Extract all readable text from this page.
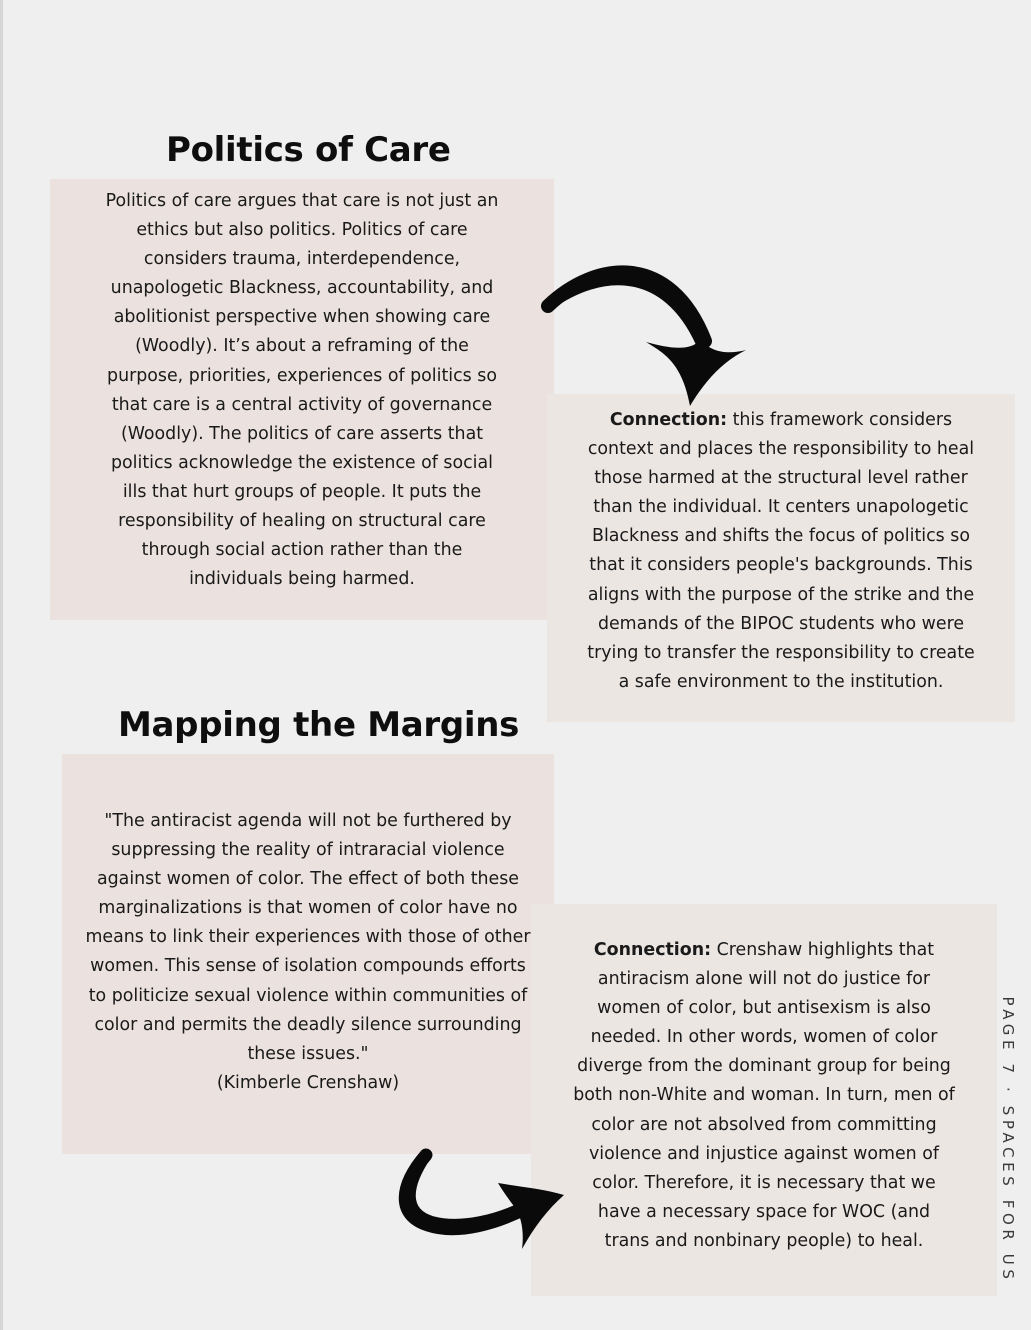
Politics of Care
Politics of care argues that care is not just an
ethics but also politics. Politics of care
considers trauma, interdependence,
unapologetic Blackness, accountability, and
abolitionist perspective when showing care
(Woodly). It’s about a reframing of the
purpose, priorities, experiences of politics so
that care is a central activity of governance
(Woodly). The politics of care asserts that
politics acknowledge the existence of social
ills that hurt groups of people. It puts the
responsibility of healing on structural care
through social action rather than the
individuals being harmed.
Connection: this framework considers
context and places the responsibility to heal
those harmed at the structural level rather
than the individual. It centers unapologetic
Blackness and shifts the focus of politics so
that it considers people's backgrounds. This
aligns with the purpose of the strike and the
demands of the BIPOC students who were
trying to transfer the responsibility to create
a safe environment to the institution.
Mapping the Margins
"The antiracist agenda will not be furthered by
suppressing the reality of intraracial violence
against women of color. The effect of both these
marginalizations is that women of color have no
means to link their experiences with those of other
women. This sense of isolation compounds efforts
to politicize sexual violence within communities of
color and permits the deadly silence surrounding
these issues."
(Kimberle Crenshaw)
Connection: Crenshaw highlights that
antiracism alone will not do justice for
women of color, but antisexism is also
needed. In other words, women of color
diverge from the dominant group for being
both non-White and woman. In turn, men of
color are not absolved from committing
violence and injustice against women of
color. Therefore, it is necessary that we
have a necessary space for WOC (and
trans and nonbinary people) to heal.	PAGE 7 · SPACES FOR US
